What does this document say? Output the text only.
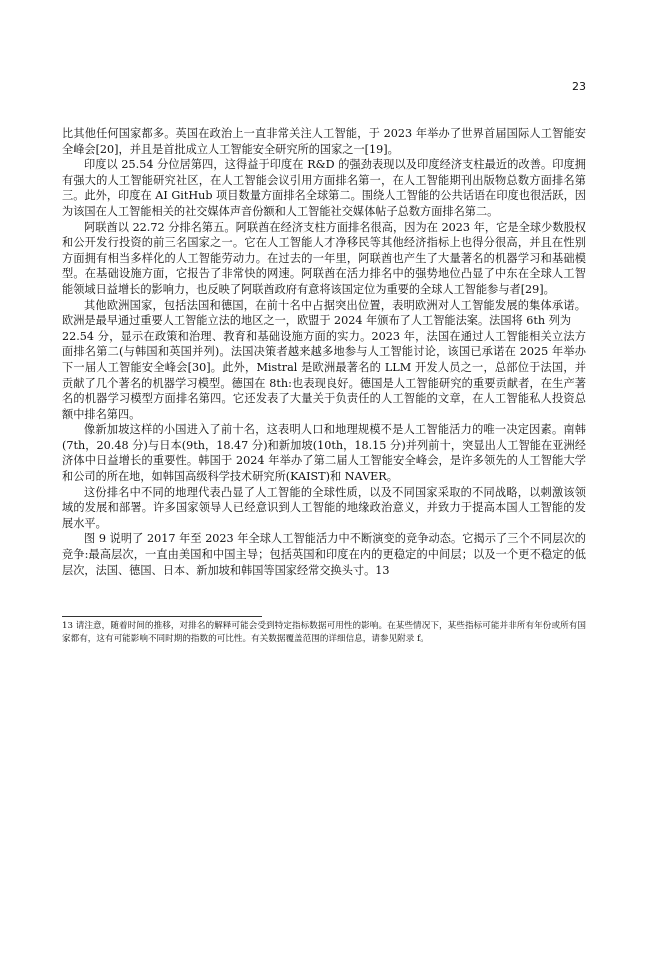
23

比其他任何国家都多。英国在政治上一直非常关注人工智能，于 2023 年举办了世界首届国际人工智能安全峰会[20]，并且是首批成立人工智能安全研究所的国家之一[19]。

印度以 25.54 分位居第四，这得益于印度在 R&D 的强劲表现以及印度经济支柱最近的改善。印度拥有强大的人工智能研究社区，在人工智能会议引用方面排名第一，在人工智能期刊出版物总数方面排名第三。此外，印度在 AI GitHub 项目数量方面排名全球第二。围绕人工智能的公共话语在印度也很活跃，因为该国在人工智能相关的社交媒体声音份额和人工智能社交媒体帖子总数方面排名第二。

阿联酋以 22.72 分排名第五。阿联酋在经济支柱方面排名很高，因为在 2023 年，它是全球少数股权和公开发行投资的前三名国家之一。它在人工智能人才净移民等其他经济指标上也得分很高，并且在性别方面拥有相当多样化的人工智能劳动力。在过去的一年里，阿联酋也产生了大量著名的机器学习和基础模型。在基础设施方面，它报告了非常快的网速。阿联酋在活力排名中的强势地位凸显了中东在全球人工智能领域日益增长的影响力，也反映了阿联酋政府有意将该国定位为重要的全球人工智能参与者[29]。

其他欧洲国家，包括法国和德国，在前十名中占据突出位置，表明欧洲对人工智能发展的集体承诺。欧洲是最早通过重要人工智能立法的地区之一，欧盟于 2024 年颁布了人工智能法案。法国将 6th 列为

22.54 分，显示在政策和治理、教育和基础设施方面的实力。2023 年，法国在通过人工智能相关立法方面排名第二(与韩国和英国并列)。法国决策者越来越多地参与人工智能讨论，该国已承诺在 2025 年举办下一届人工智能安全峰会[30]。此外，Mistral 是欧洲最著名的 LLM 开发人员之一，总部位于法国，并贡献了几个著名的机器学习模型。德国在 8th:也表现良好。德国是人工智能研究的重要贡献者，在生产著名的机器学习模型方面排名第四。它还发表了大量关于负责任的人工智能的文章，在人工智能私人投资总额中排名第四。

像新加坡这样的小国进入了前十名，这表明人口和地理规模不是人工智能活力的唯一决定因素。南韩(7th，20.48 分)与日本(9th，18.47 分)和新加坡(10th，18.15 分)并列前十，突显出人工智能在亚洲经济体中日益增长的重要性。韩国于 2024 年举办了第二届人工智能安全峰会，是许多领先的人工智能大学和公司的所在地，如韩国高级科学技术研究所(KAIST)和 NAVER。

这份排名中不同的地理代表凸显了人工智能的全球性质，以及不同国家采取的不同战略，以刺激该领域的发展和部署。许多国家领导人已经意识到人工智能的地缘政治意义，并致力于提高本国人工智能的发展水平。

图 9 说明了 2017 年至 2023 年全球人工智能活力中不断演变的竞争动态。它揭示了三个不同层次的竞争:最高层次，一直由美国和中国主导；包括英国和印度在内的更稳定的中间层；以及一个更不稳定的低层次，法国、德国、日本、新加坡和韩国等国家经常交换头寸。13

13 请注意，随着时间的推移，对排名的解释可能会受到特定指标数据可用性的影响。在某些情况下，某些指标可能并非所有年份或所有国家都有，这有可能影响不同时期的指数的可比性。有关数据覆盖范围的详细信息，请参见附录 f。
